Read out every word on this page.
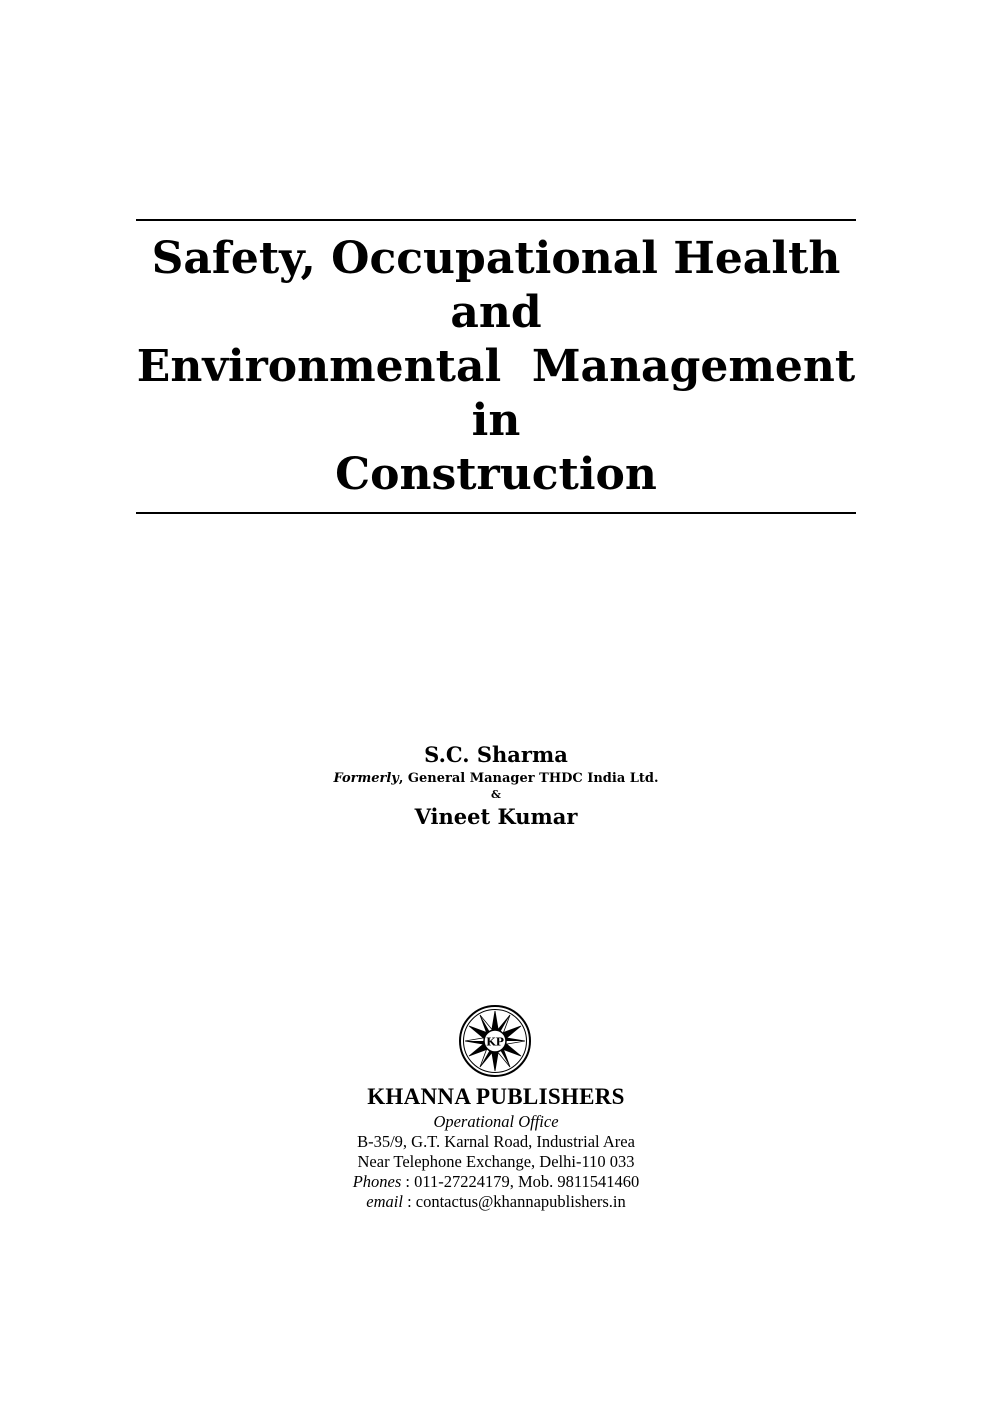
Safety, Occupational Health
and
Environmental  Management
in
Construction
S.C. Sharma
Formerly, General Manager THDC India Ltd.
&
Vineet Kumar
KP
KHANNA PUBLISHERS
Operational Office
B-35/9, G.T. Karnal Road, Industrial Area
Near Telephone Exchange, Delhi-110 033
Phones : 011-27224179, Mob. 9811541460
email : contactus@khannapublishers.in
